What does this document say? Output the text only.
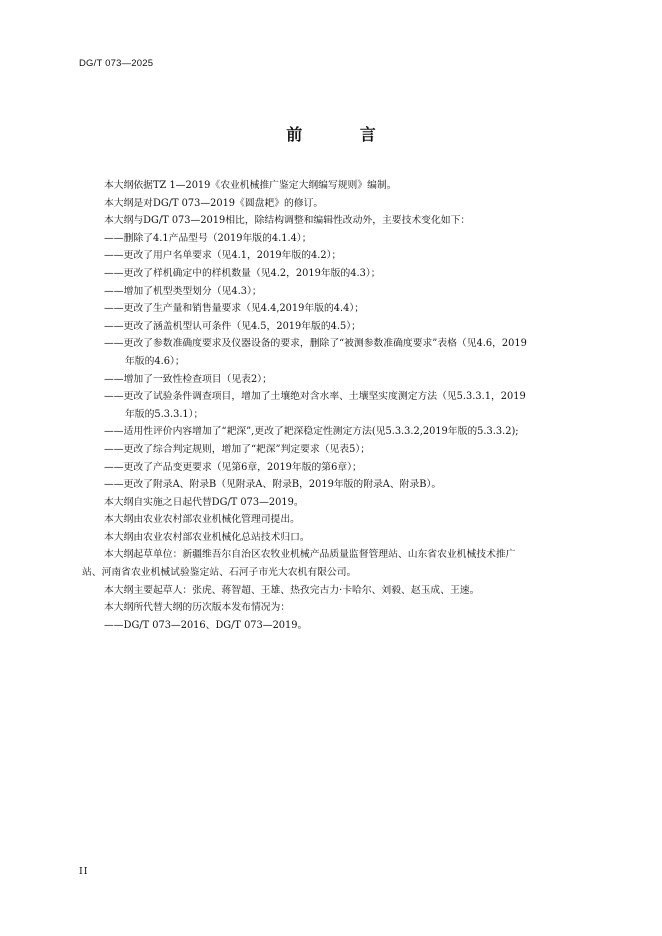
DG/T 073—2025
前 言

本大纲依据TZ 1—2019《农业机械推广鉴定大纲编写规则》编制。

本大纲是对DG/T 073—2019《圆盘耙》的修订。

本大纲与DG/T 073—2019相比，除结构调整和编辑性改动外，主要技术变化如下：

——删除了4.1产品型号（2019年版的4.1.4）；

——更改了用户名单要求（见4.1，2019年版的4.2）；

——更改了样机确定中的样机数量（见4.2，2019年版的4.3）；

——增加了机型类型划分（见4.3）；

——更改了生产量和销售量要求（见4.4,2019年版的4.4）；

——更改了涵盖机型认可条件（见4.5，2019年版的4.5）；

——更改了参数准确度要求及仪器设备的要求，删除了“被测参数准确度要求”表格（见4.6，2019

年版的4.6）；

——增加了一致性检查项目（见表2）；

——更改了试验条件调查项目，增加了土壤绝对含水率、土壤坚实度测定方法（见5.3.3.1，2019

年版的5.3.3.1）；

——适用性评价内容增加了“耙深”,更改了耙深稳定性测定方法(见5.3.3.2,2019年版的5.3.3.2);

——更改了综合判定规则，增加了“耙深”判定要求（见表5）；

——更改了产品变更要求（见第6章，2019年版的第6章）；

——更改了附录A、附录B（见附录A、附录B，2019年版的附录A、附录B）。

本大纲自实施之日起代替DG/T 073—2019。

本大纲由农业农村部农业机械化管理司提出。

本大纲由农业农村部农业机械化总站技术归口。

本大纲起草单位：新疆维吾尔自治区农牧业机械产品质量监督管理站、山东省农业机械技术推广

站、河南省农业机械试验鉴定站、石河子市光大农机有限公司。

本大纲主要起草人：张虎、蒋智超、王雄、热孜完古力·卡哈尔、刘毅、赵玉成、王速。

本大纲所代替大纲的历次版本发布情况为：

——DG/T 073—2016、DG/T 073—2019。

II
